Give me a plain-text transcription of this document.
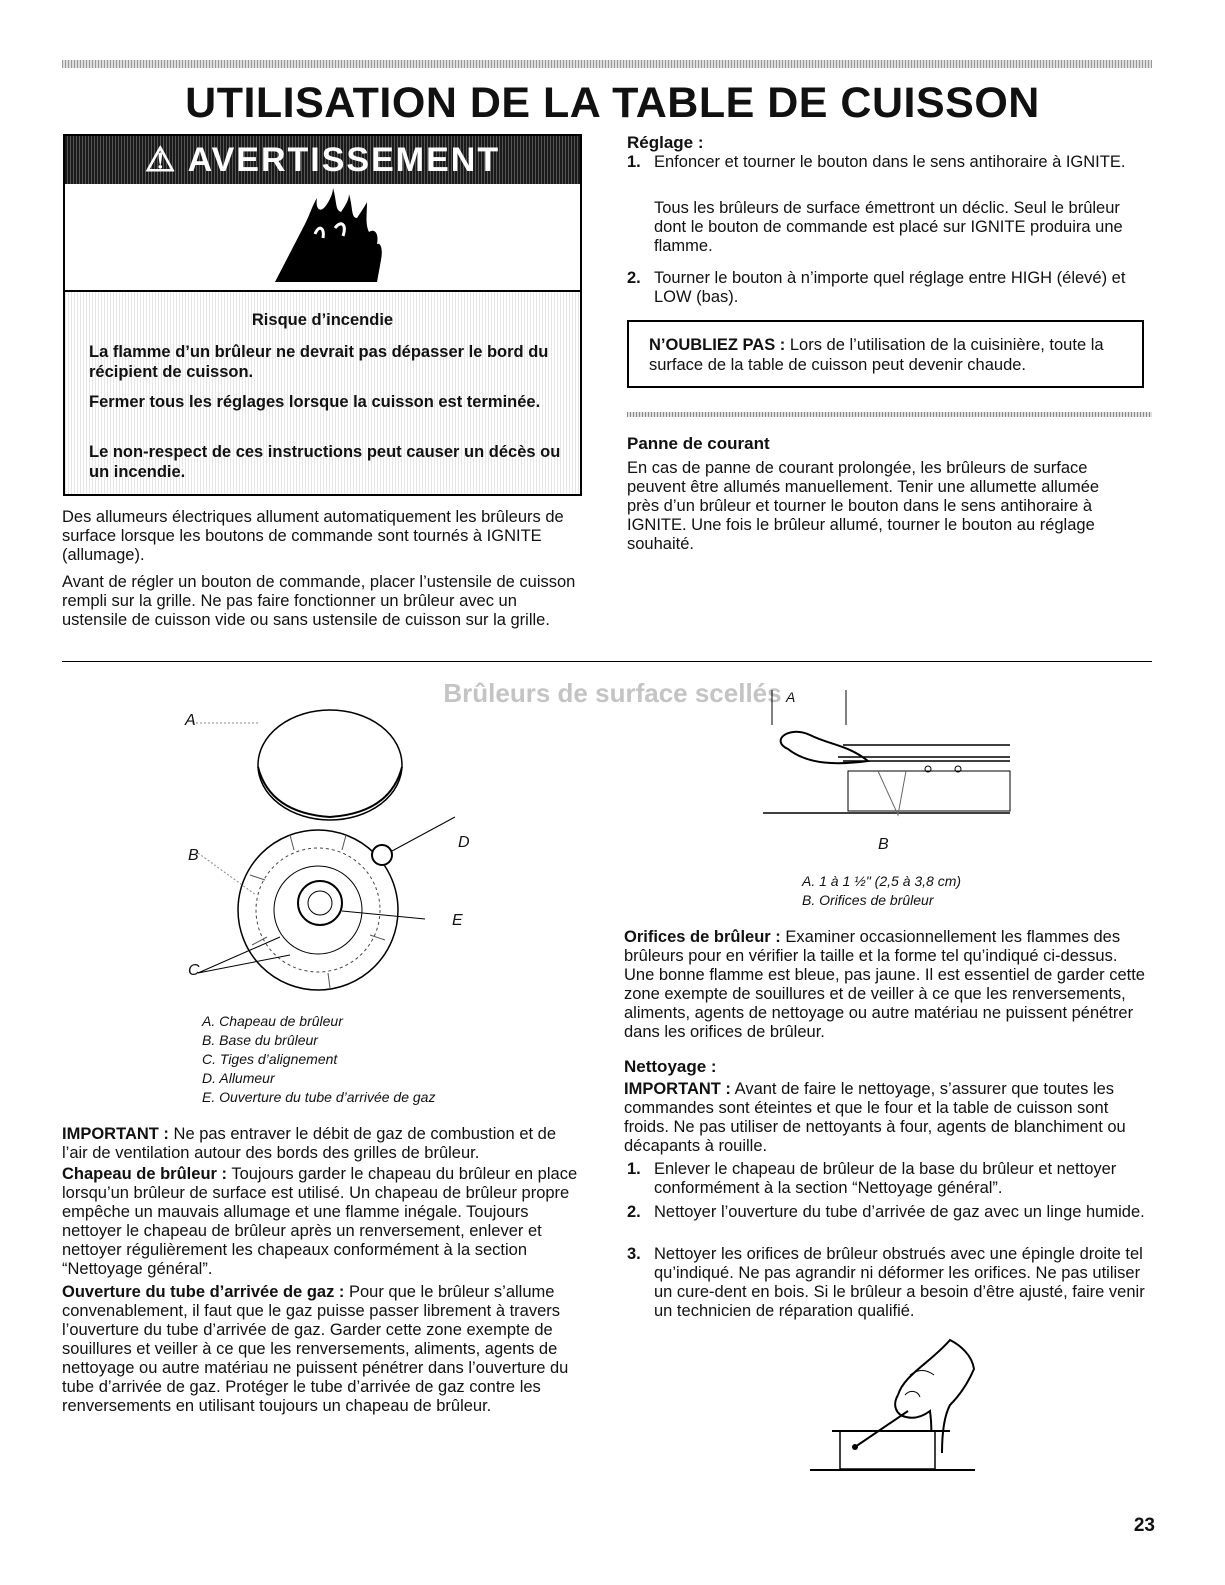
UTILISATION DE LA TABLE DE CUISSON
⚠ AVERTISSEMENT
Risque d’incendie
La flamme d’un brûleur ne devrait pas dépasser le bord du récipient de cuisson.
Fermer tous les réglages lorsque la cuisson est terminée.
Le non-respect de ces instructions peut causer un décès ou un incendie.

Des allumeurs électriques allument automatiquement les brûleurs de surface lorsque les boutons de commande sont tournés à IGNITE (allumage).

Avant de régler un bouton de commande, placer l’ustensile de cuisson rempli sur la grille. Ne pas faire fonctionner un brûleur avec un ustensile de cuisson vide ou sans ustensile de cuisson sur la grille.

Réglage :

1. Enfoncer et tourner le bouton dans le sens antihoraire à IGNITE.

Tous les brûleurs de surface émettront un déclic. Seul le brûleur dont le bouton de commande est placé sur IGNITE produira une flamme.

2. Tourner le bouton à n’importe quel réglage entre HIGH (élevé) et LOW (bas).

N’OUBLIEZ PAS : Lors de l’utilisation de la cuisinière, toute la surface de la table de cuisson peut devenir chaude.

Panne de courant

En cas de panne de courant prolongée, les brûleurs de surface peuvent être allumés manuellement. Tenir une allumette allumée près d’un brûleur et tourner le bouton dans le sens antihoraire à IGNITE. Une fois le brûleur allumé, tourner le bouton au réglage souhaité.

Brûleurs de surface scellés
A
B
C
D
E
A. Chapeau de brûleur
B. Base du brûleur
C. Tiges d’alignement
D. Allumeur
E. Ouverture du tube d’arrivée de gaz
A
B
A. 1 à 1 ½" (2,5 à 3,8 cm)
B. Orifices de brûleur

IMPORTANT : Ne pas entraver le débit de gaz de combustion et de l’air de ventilation autour des bords des grilles de brûleur.

Chapeau de brûleur : Toujours garder le chapeau du brûleur en place lorsqu’un brûleur de surface est utilisé. Un chapeau de brûleur propre empêche un mauvais allumage et une flamme inégale. Toujours nettoyer le chapeau de brûleur après un renversement, enlever et nettoyer régulièrement les chapeaux conformément à la section “Nettoyage général”.

Ouverture du tube d’arrivée de gaz : Pour que le brûleur s’allume convenablement, il faut que le gaz puisse passer librement à travers l’ouverture du tube d’arrivée de gaz. Garder cette zone exempte de souillures et veiller à ce que les renversements, aliments, agents de nettoyage ou autre matériau ne puissent pénétrer dans l’ouverture du tube d’arrivée de gaz. Protéger le tube d’arrivée de gaz contre les renversements en utilisant toujours un chapeau de brûleur.

Orifices de brûleur : Examiner occasionnellement les flammes des brûleurs pour en vérifier la taille et la forme tel qu’indiqué ci-dessus. Une bonne flamme est bleue, pas jaune. Il est essentiel de garder cette zone exempte de souillures et de veiller à ce que les renversements, aliments, agents de nettoyage ou autre matériau ne puissent pénétrer dans les orifices de brûleur.

Nettoyage :

IMPORTANT : Avant de faire le nettoyage, s’assurer que toutes les commandes sont éteintes et que le four et la table de cuisson sont froids. Ne pas utiliser de nettoyants à four, agents de blanchiment ou décapants à rouille.

1. Enlever le chapeau de brûleur de la base du brûleur et nettoyer conformément à la section “Nettoyage général”.

2. Nettoyer l’ouverture du tube d’arrivée de gaz avec un linge humide.

3. Nettoyer les orifices de brûleur obstrués avec une épingle droite tel qu’indiqué. Ne pas agrandir ni déformer les orifices. Ne pas utiliser un cure-dent en bois. Si le brûleur a besoin d’être ajusté, faire venir un technicien de réparation qualifié.

23
